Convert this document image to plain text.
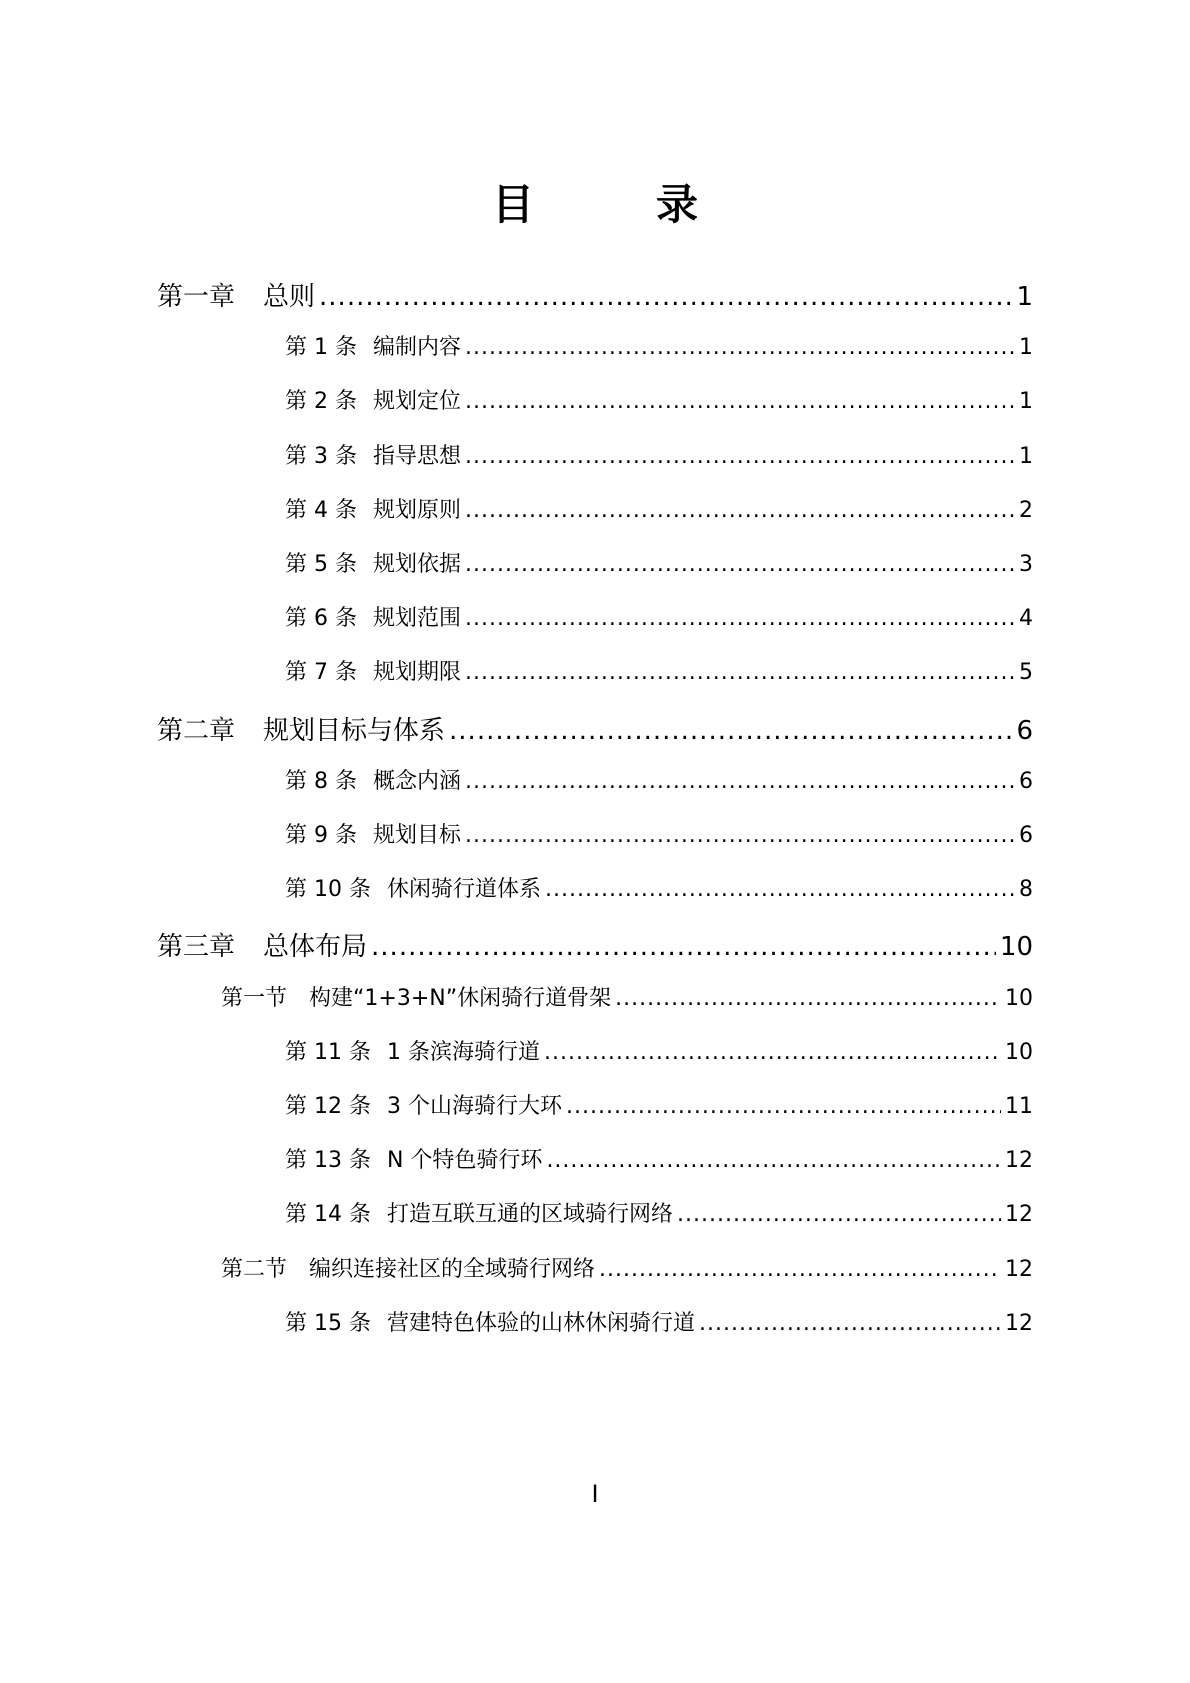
目　录
第一章 总则 .....	1
第 1 条 编制内容 .....	1
第 2 条 规划定位 .....	1
第 3 条 指导思想 .....	1
第 4 条 规划原则 .....	2
第 5 条 规划依据 .....	3
第 6 条 规划范围 .....	4
第 7 条 规划期限 .....	5
第二章 规划目标与体系 .....	6
第 8 条 概念内涵 .....	6
第 9 条 规划目标 .....	6
第 10 条 休闲骑行道体系 .....	8
第三章 总体布局 .....	10
第一节 构建“1+3+N”休闲骑行道骨架 .....	10
第 11 条 1 条滨海骑行道 .....	10
第 12 条 3 个山海骑行大环 .....	11
第 13 条 N 个特色骑行环 .....	12
第 14 条 打造互联互通的区域骑行网络 .....	12
第二节 编织连接社区的全域骑行网络 .....	12
第 15 条 营建特色体验的山林休闲骑行道 .....	12
I
